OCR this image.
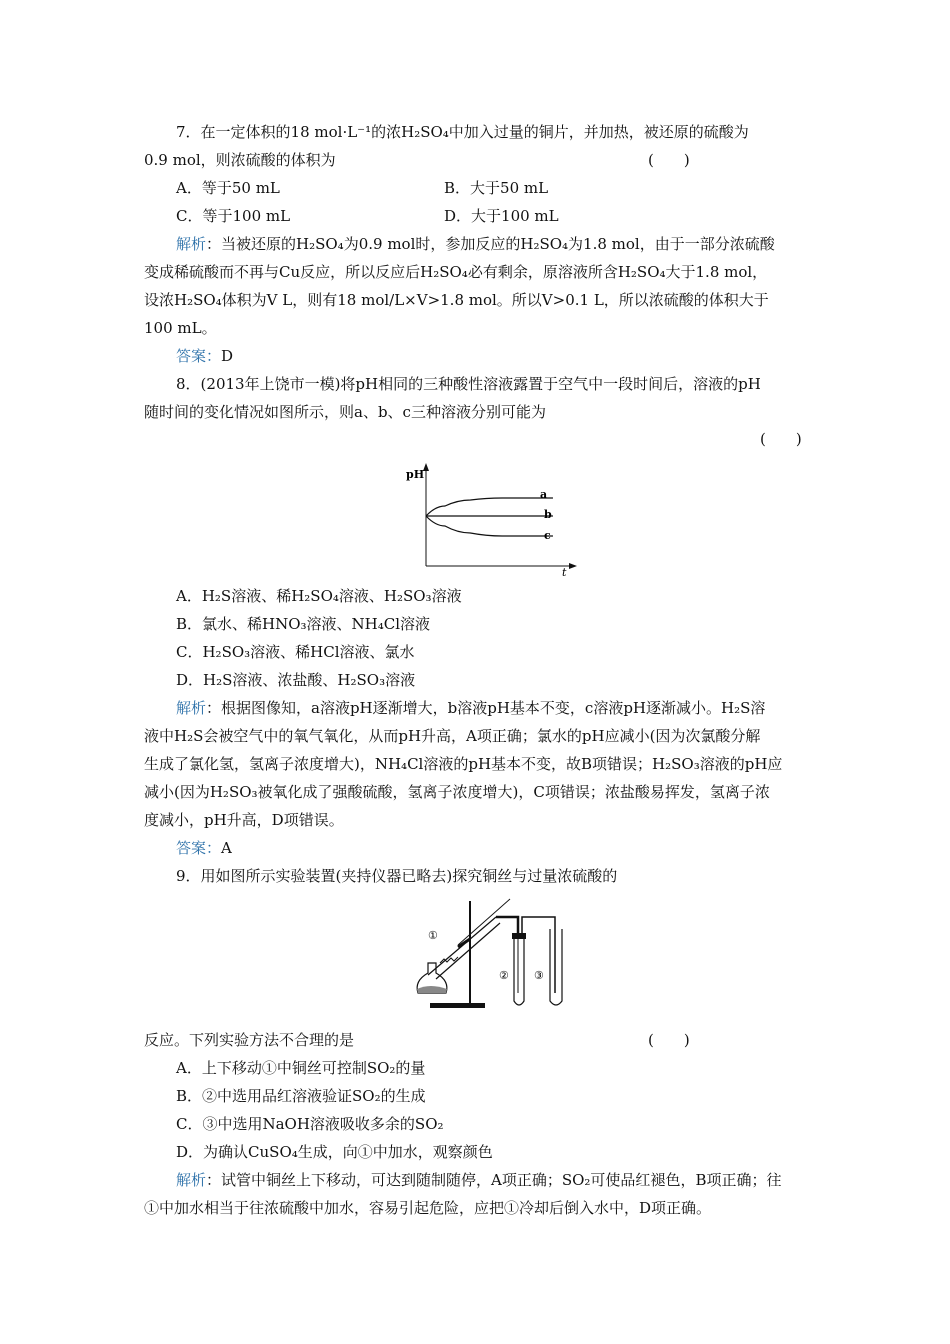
7．在一定体积的18 mol·L⁻¹的浓H₂SO₄中加入过量的铜片，并加热，被还原的硫酸为
0.9 mol，则浓硫酸的体积为	(　　)
A．等于50 mL	B．大于50 mL
C．等于100 mL	D．大于100 mL
解析：当被还原的H₂SO₄为0.9 mol时，参加反应的H₂SO₄为1.8 mol，由于一部分浓硫酸
变成稀硫酸而不再与Cu反应，所以反应后H₂SO₄必有剩余，原溶液所含H₂SO₄大于1.8 mol，
设浓H₂SO₄体积为V L，则有18 mol/L×V>1.8 mol。所以V>0.1 L，所以浓硫酸的体积大于
100 mL。
答案：D
8．(2013年上饶市一模)将pH相同的三种酸性溶液露置于空气中一段时间后，溶液的pH
随时间的变化情况如图所示，则a、b、c三种溶液分别可能为
(　　)
pH
t
a
b
c
A．H₂S溶液、稀H₂SO₄溶液、H₂SO₃溶液
B．氯水、稀HNO₃溶液、NH₄Cl溶液
C．H₂SO₃溶液、稀HCl溶液、氯水
D．H₂S溶液、浓盐酸、H₂SO₃溶液
解析：根据图像知，a溶液pH逐渐增大，b溶液pH基本不变，c溶液pH逐渐减小。H₂S溶
液中H₂S会被空气中的氧气氧化，从而pH升高，A项正确；氯水的pH应减小(因为次氯酸分解
生成了氯化氢，氢离子浓度增大)，NH₄Cl溶液的pH基本不变，故B项错误；H₂SO₃溶液的pH应
减小(因为H₂SO₃被氧化成了强酸硫酸，氢离子浓度增大)，C项错误；浓盐酸易挥发，氢离子浓
度减小，pH升高，D项错误。
答案：A
9．用如图所示实验装置(夹持仪器已略去)探究铜丝与过量浓硫酸的
①
② ③
反应。下列实验方法不合理的是	(　　)
A．上下移动①中铜丝可控制SO₂的量
B．②中选用品红溶液验证SO₂的生成
C．③中选用NaOH溶液吸收多余的SO₂
D．为确认CuSO₄生成，向①中加水，观察颜色
解析：试管中铜丝上下移动，可达到随制随停，A项正确；SO₂可使品红褪色，B项正确；往
①中加水相当于往浓硫酸中加水，容易引起危险，应把①冷却后倒入水中，D项正确。
